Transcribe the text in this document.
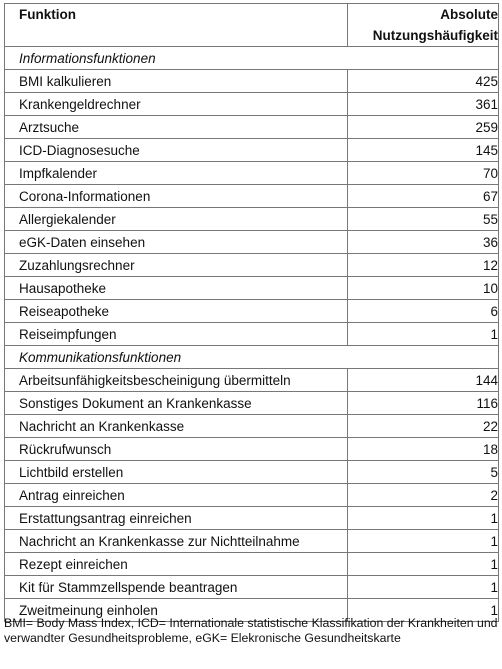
Funktion	Absolute
Nutzungshäufigkeit
Informationsfunktionen	
BMI kalkulieren	425
Krankengeldrechner	361
Arztsuche	259
ICD-Diagnosesuche	145
Impfkalender	70
Corona-Informationen	67
Allergiekalender	55
eGK-Daten einsehen	36
Zuzahlungsrechner	12
Hausapotheke	10
Reiseapotheke	6
Reiseimpfungen	1
Kommunikationsfunktionen	
Arbeitsunfähigkeitsbescheinigung übermitteln	144
Sonstiges Dokument an Krankenkasse	116
Nachricht an Krankenkasse	22
Rückrufwunsch	18
Lichtbild erstellen	5
Antrag einreichen	2
Erstattungsantrag einreichen	1
Nachricht an Krankenkasse zur Nichtteilnahme	1
Rezept einreichen	1
Kit für Stammzellspende beantragen	1
Zweitmeinung einholen	1
BMI= Body Mass Index, ICD= Internationale statistische Klassifikation der Krankheiten und verwandter Gesundheitsprobleme, eGK= Elekronische Gesundheitskarte
